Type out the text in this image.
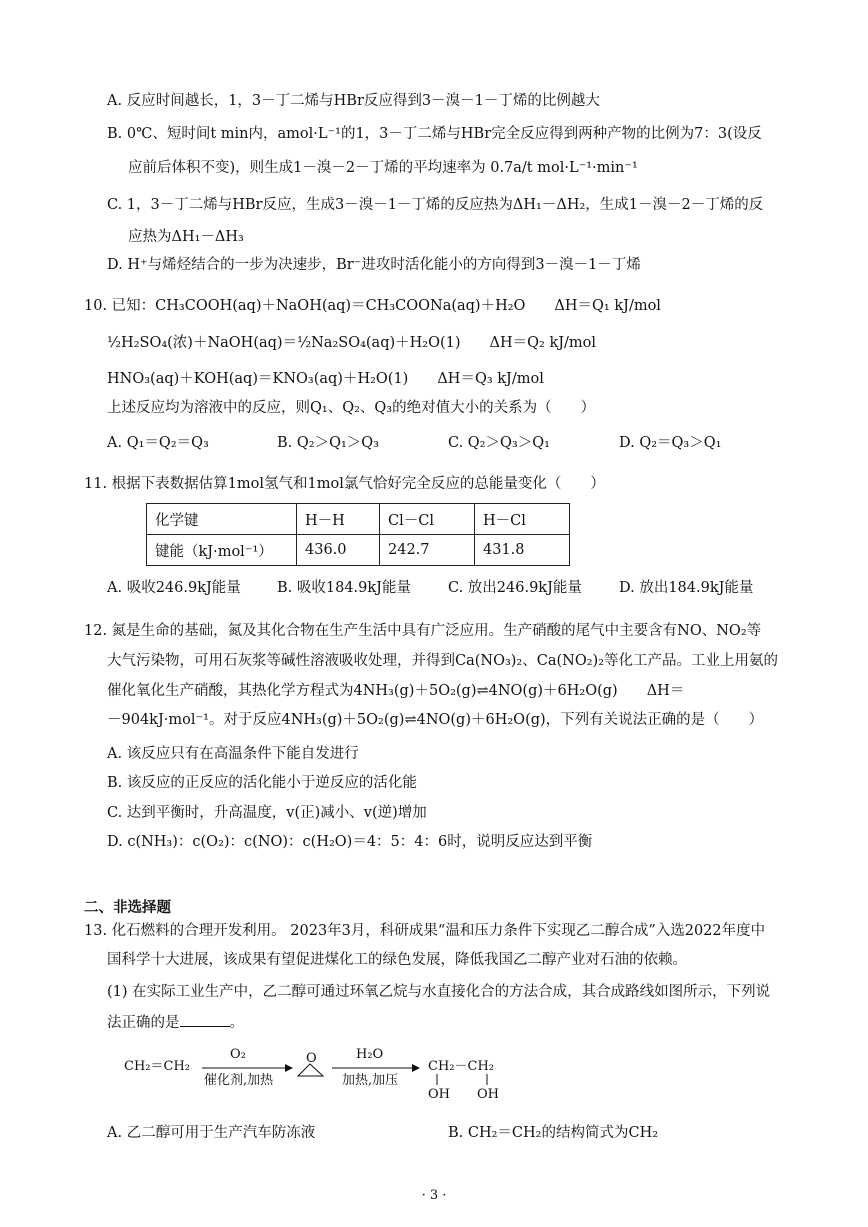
A. 反应时间越长，1，3－丁二烯与HBr反应得到3－溴－1－丁烯的比例越大
B. 0℃、短时间t min内，amol·L⁻¹的1，3－丁二烯与HBr完全反应得到两种产物的比例为7：3(设反
应前后体积不变)，则生成1－溴－2－丁烯的平均速率为 0.7a/t mol·L⁻¹·min⁻¹
C. 1，3－丁二烯与HBr反应，生成3－溴－1－丁烯的反应热为ΔH₁－ΔH₂，生成1－溴－2－丁烯的反
应热为ΔH₁－ΔH₃
D. H⁺与烯烃结合的一步为决速步，Br⁻进攻时活化能小的方向得到3－溴－1－丁烯
10. 已知：CH₃COOH(aq)＋NaOH(aq)＝CH₃COONa(aq)＋H₂O　　ΔH＝Q₁ kJ/mol
½H₂SO₄(浓)＋NaOH(aq)＝½Na₂SO₄(aq)＋H₂O(1)　　ΔH＝Q₂ kJ/mol
HNO₃(aq)＋KOH(aq)＝KNO₃(aq)＋H₂O(1)　　ΔH＝Q₃ kJ/mol
上述反应均为溶液中的反应，则Q₁、Q₂、Q₃的绝对值大小的关系为（　　）
A. Q₁＝Q₂＝Q₃	B. Q₂＞Q₁＞Q₃	C. Q₂＞Q₃＞Q₁	D. Q₂＝Q₃＞Q₁
11. 根据下表数据估算1mol氢气和1mol氯气恰好完全反应的总能量变化（　　）
化学键	H－H	Cl－Cl	H－Cl
键能（kJ·mol⁻¹）	436.0	242.7	431.8
A. 吸收246.9kJ能量 B. 吸收184.9kJ能量	C. 放出246.9kJ能量	D. 放出184.9kJ能量
12. 氮是生命的基础，氮及其化合物在生产生活中具有广泛应用。生产硝酸的尾气中主要含有NO、NO₂等
大气污染物，可用石灰浆等碱性溶液吸收处理，并得到Ca(NO₃)₂、Ca(NO₂)₂等化工产品。工业上用氨的
催化氧化生产硝酸，其热化学方程式为4NH₃(g)＋5O₂(g)⇌4NO(g)＋6H₂O(g)　　ΔH＝
－904kJ·mol⁻¹。对于反应4NH₃(g)＋5O₂(g)⇌4NO(g)＋6H₂O(g)，下列有关说法正确的是（　　）
A. 该反应只有在高温条件下能自发进行
B. 该反应的正反应的活化能小于逆反应的活化能
C. 达到平衡时，升高温度，v(正)减小、v(逆)增加
D. c(NH₃)：c(O₂)：c(NO)：c(H₂O)＝4：5：4：6时，说明反应达到平衡
二、非选择题
13. 化石燃料的合理开发利用。 2023年3月，科研成果“温和压力条件下实现乙二醇合成”入选2022年度中
国科学十大进展，该成果有望促进煤化工的绿色发展，降低我国乙二醇产业对石油的依赖。
(1) 在实际工业生产中，乙二醇可通过环氧乙烷与水直接化合的方法合成，其合成路线如图所示，下列说
法正确的是	。
CH₂＝CH₂
O₂
催化剂,加热
O	H₂O
加热,加压
CH₂－CH₂
OH OH
A. 乙二醇可用于生产汽车防冻液	B. CH₂＝CH₂的结构简式为CH₂
· 3 ·
